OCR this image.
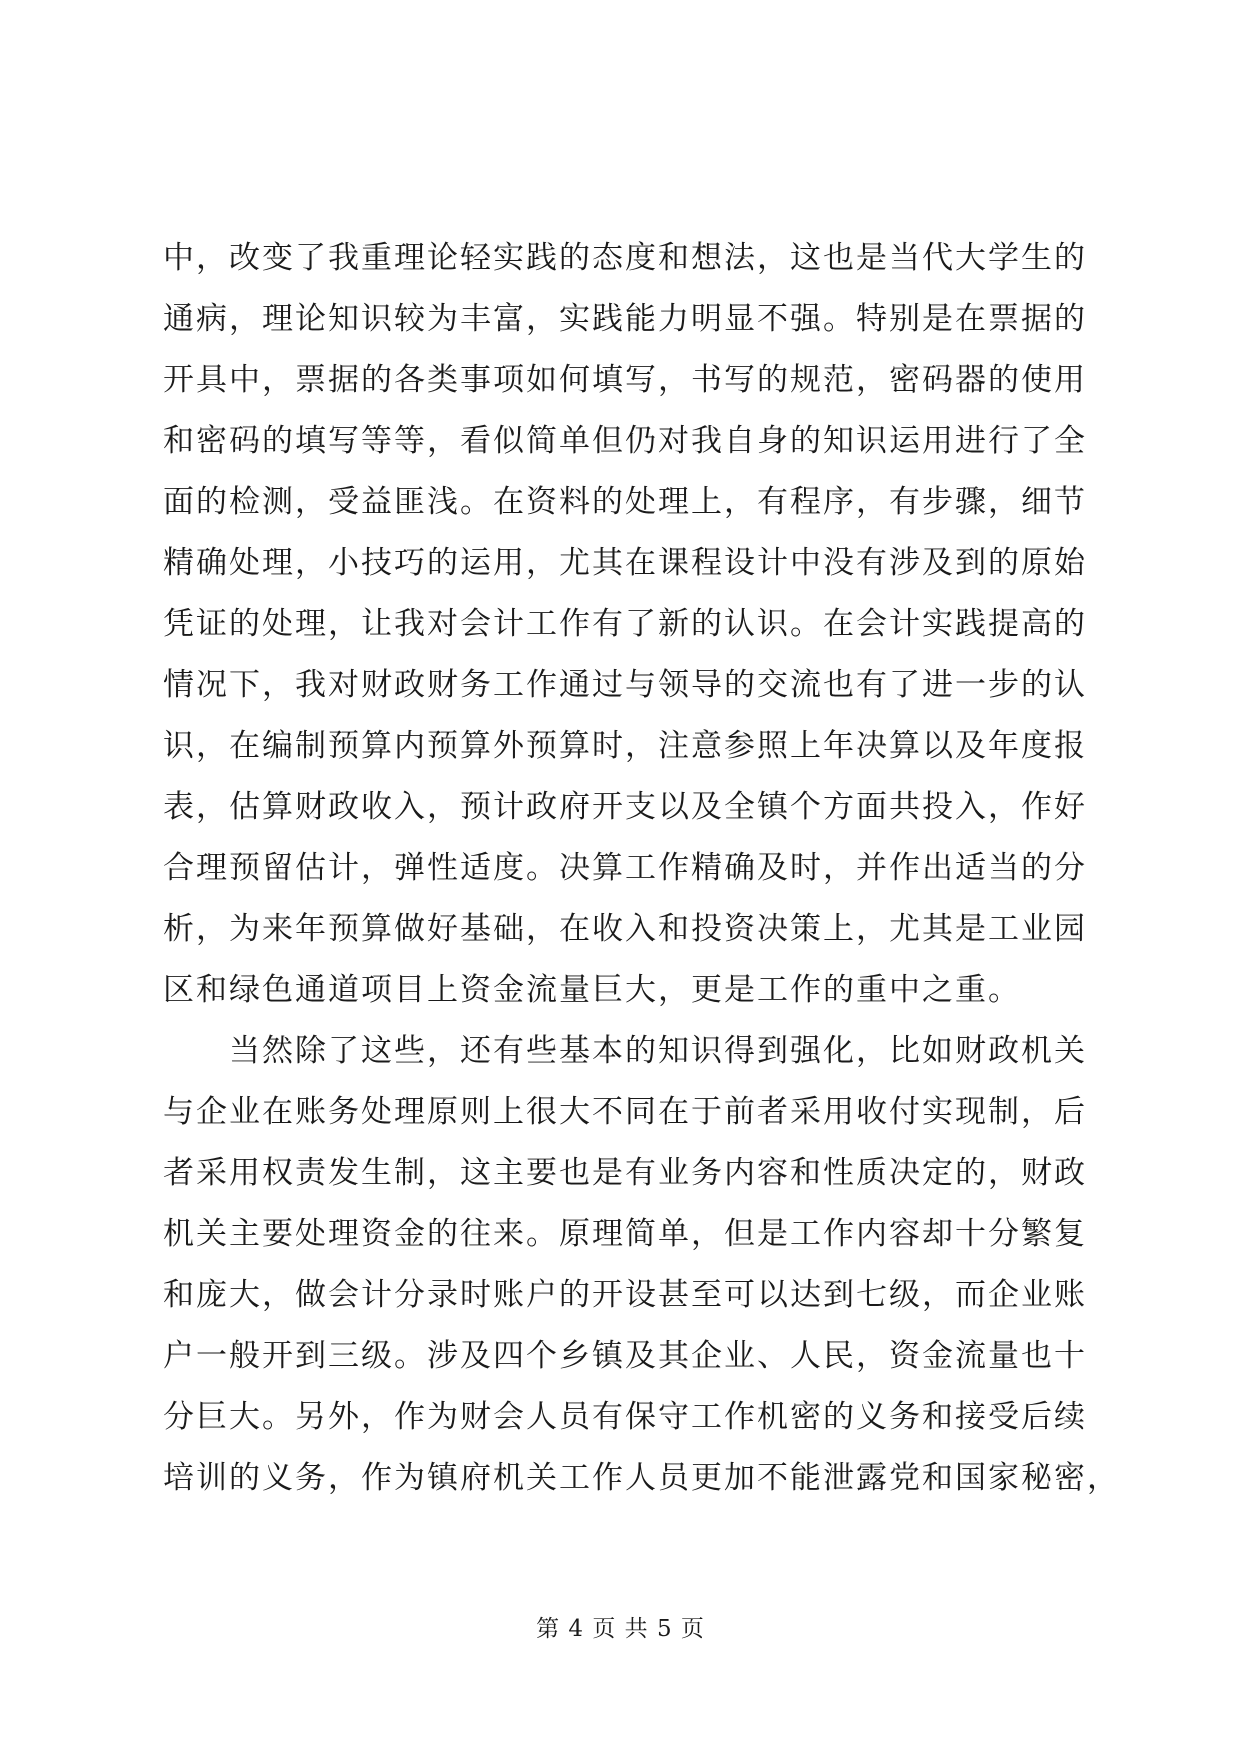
中，改变了我重理论轻实践的态度和想法，这也是当代大学生的
通病，理论知识较为丰富，实践能力明显不强。特别是在票据的
开具中，票据的各类事项如何填写，书写的规范，密码器的使用
和密码的填写等等，看似简单但仍对我自身的知识运用进行了全
面的检测，受益匪浅。在资料的处理上，有程序，有步骤，细节
精确处理，小技巧的运用，尤其在课程设计中没有涉及到的原始
凭证的处理，让我对会计工作有了新的认识。在会计实践提高的
情况下，我对财政财务工作通过与领导的交流也有了进一步的认
识，在编制预算内预算外预算时，注意参照上年决算以及年度报
表，估算财政收入，预计政府开支以及全镇个方面共投入，作好
合理预留估计，弹性适度。决算工作精确及时，并作出适当的分
析，为来年预算做好基础，在收入和投资决策上，尤其是工业园
区和绿色通道项目上资金流量巨大，更是工作的重中之重。
当然除了这些，还有些基本的知识得到强化，比如财政机关
与企业在账务处理原则上很大不同在于前者采用收付实现制，后
者采用权责发生制，这主要也是有业务内容和性质决定的，财政
机关主要处理资金的往来。原理简单，但是工作内容却十分繁复
和庞大，做会计分录时账户的开设甚至可以达到七级，而企业账
户一般开到三级。涉及四个乡镇及其企业、人民，资金流量也十
分巨大。另外，作为财会人员有保守工作机密的义务和接受后续
培训的义务，作为镇府机关工作人员更加不能泄露党和国家秘密，
第 4 页 共 5 页
